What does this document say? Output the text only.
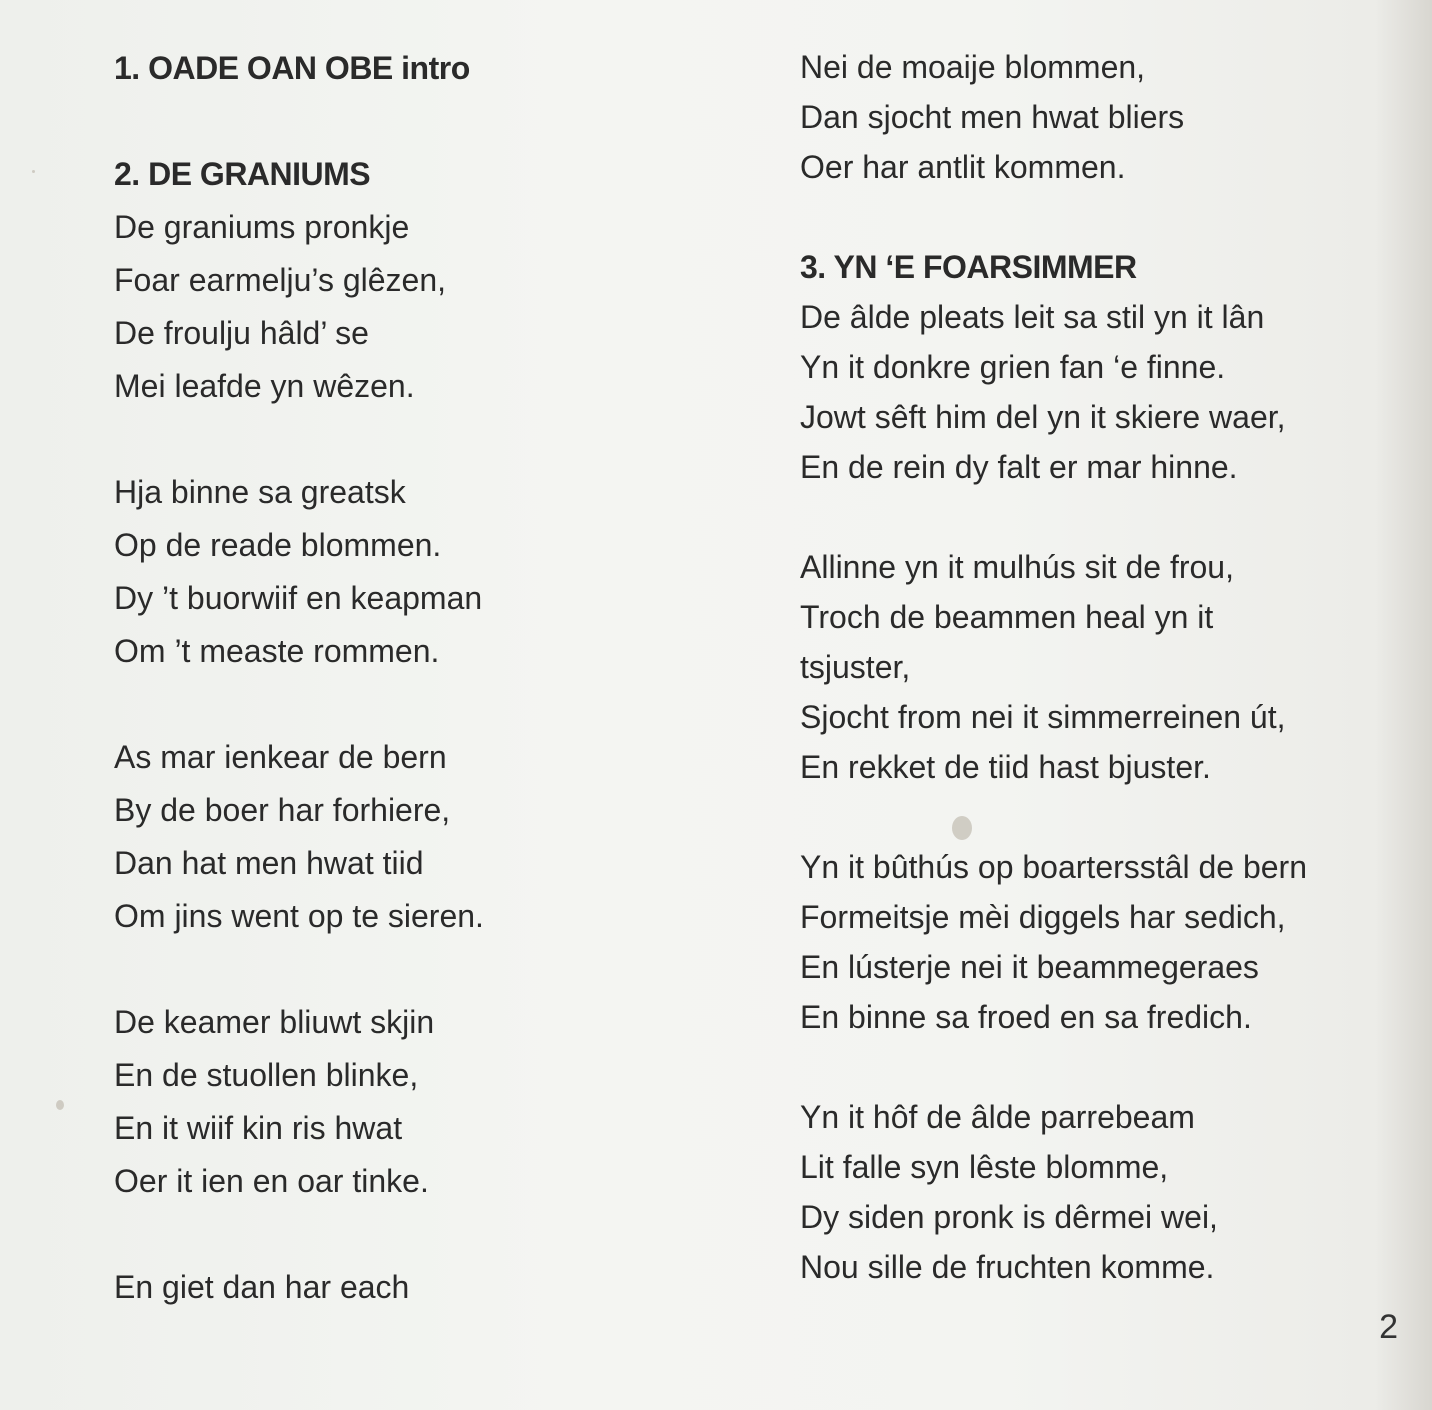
1. OADE OAN OBE intro
2. DE GRANIUMS
De graniums pronkje
Foar earmelju’s glêzen,
De froulju hâld’ se
Mei leafde yn wêzen.
Hja binne sa greatsk
Op de reade blommen.
Dy ’t buorwiif en keapman
Om ’t measte rommen.
As mar ienkear de bern
By de boer har forhiere,
Dan hat men hwat tiid
Om jins went op te sieren.
De keamer bliuwt skjin
En de stuollen blinke,
En it wiif kin ris hwat
Oer it ien en oar tinke.
En giet dan har each
Nei de moaije blommen,
Dan sjocht men hwat bliers
Oer har antlit kommen.
3. YN ‘E FOARSIMMER
De âlde pleats leit sa stil yn it lân
Yn it donkre grien fan ‘e finne.
Jowt sêft him del yn it skiere waer,
En de rein dy falt er mar hinne.
Allinne yn it mulhús sit de frou,
Troch de beammen heal yn it
tsjuster,
Sjocht from nei it simmerreinen út,
En rekket de tiid hast bjuster.
Yn it bûthús op boartersstâl de bern
Formeitsje mèi diggels har sedich,
En lústerje nei it beammegeraes
En binne sa froed en sa fredich.
Yn it hôf de âlde parrebeam
Lit falle syn lêste blomme,
Dy siden pronk is dêrmei wei,
Nou sille de fruchten komme.
2
